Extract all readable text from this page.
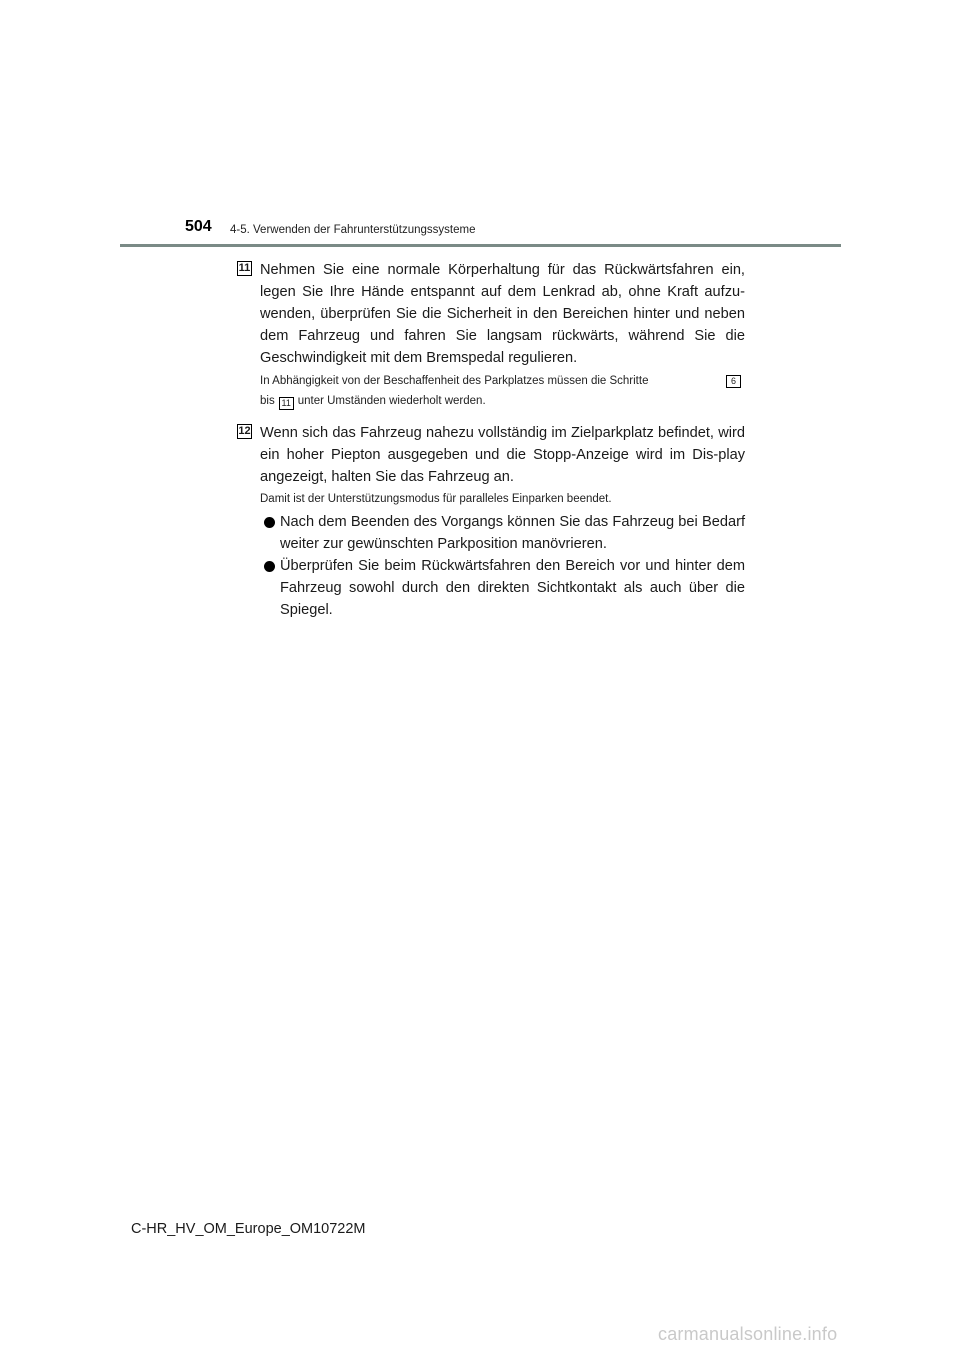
504 4-5. Verwenden der Fahrunterstützungssysteme
11 Nehmen Sie eine normale Körperhaltung für das Rückwärtsfahren ein, legen Sie Ihre Hände entspannt auf dem Lenkrad ab, ohne Kraft aufzu-wenden, überprüfen Sie die Sicherheit in den Bereichen hinter und neben dem Fahrzeug und fahren Sie langsam rückwärts, während Sie die Geschwindigkeit mit dem Bremspedal regulieren.
In Abhängigkeit von der Beschaffenheit des Parkplatzes müssen die Schritte	6
bis 11 unter Umständen wiederholt werden.
12 Wenn sich das Fahrzeug nahezu vollständig im Zielparkplatz befindet, wird ein hoher Piepton ausgegeben und die Stopp-Anzeige wird im Dis-play angezeigt, halten Sie das Fahrzeug an.
Damit ist der Unterstützungsmodus für paralleles Einparken beendet.
Nach dem Beenden des Vorgangs können Sie das Fahrzeug bei Bedarf weiter zur gewünschten Parkposition manövrieren.
Überprüfen Sie beim Rückwärtsfahren den Bereich vor und hinter dem Fahrzeug sowohl durch den direkten Sichtkontakt als auch über die Spiegel.
C-HR_HV_OM_Europe_OM10722M
carmanualsonline.info
